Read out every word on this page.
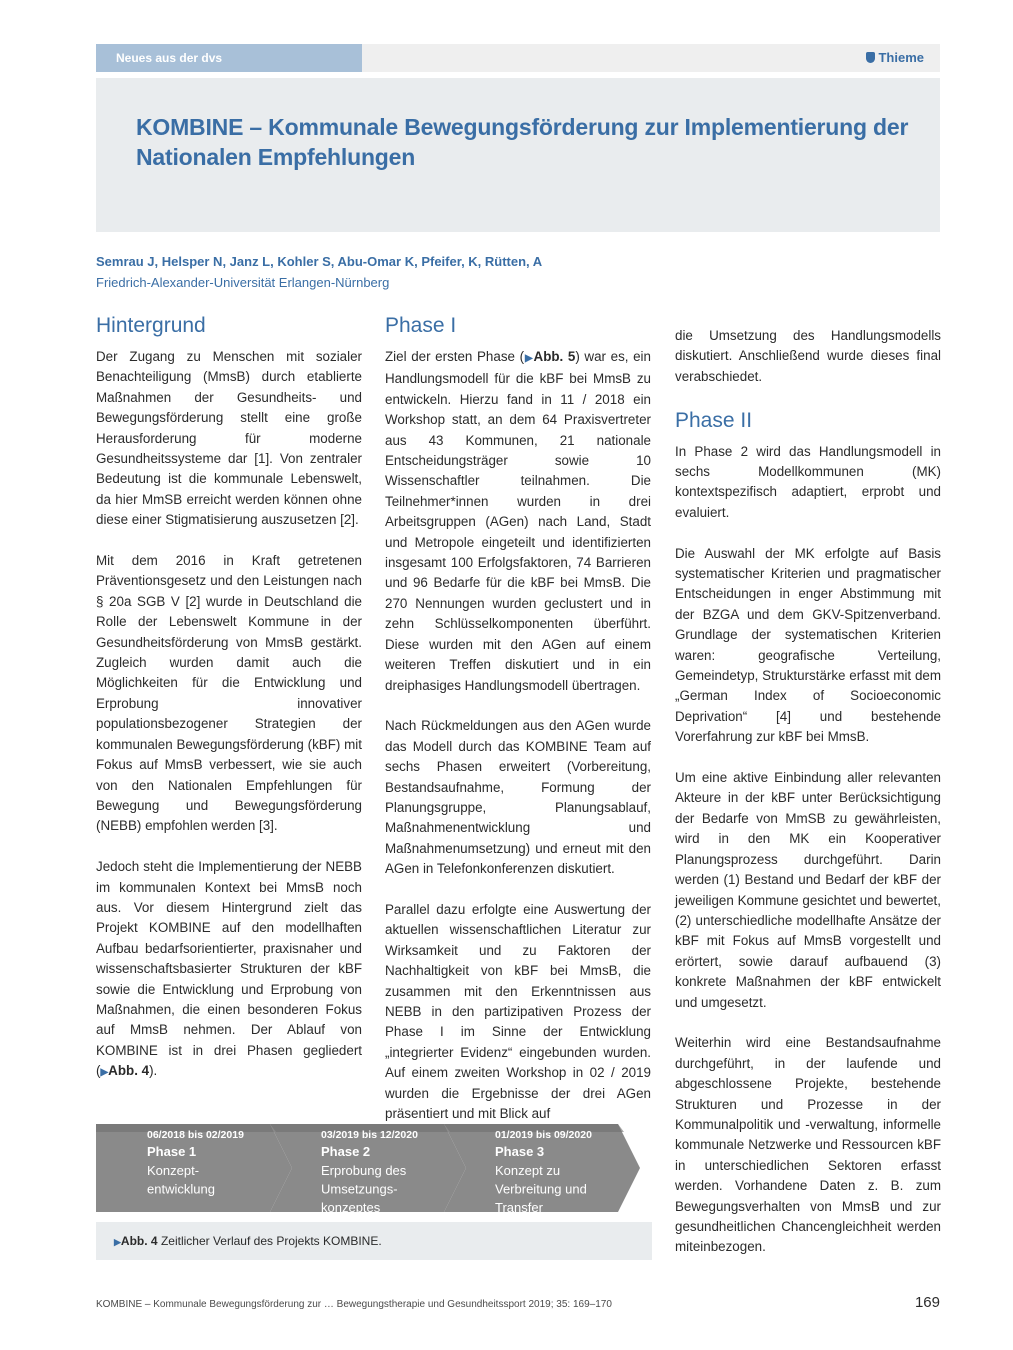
Neues aus der dvs	Thieme
KOMBINE – Kommunale Bewegungsförderung zur Implementierung der Nationalen Empfehlungen
Semrau J, Helsper N, Janz L, Kohler S, Abu-Omar K, Pfeifer, K, Rütten, A
Friedrich-Alexander-Universität Erlangen-Nürnberg
Hintergrund

Der Zugang zu Menschen mit sozialer Benachteiligung (MmsB) durch etablierte Maßnahmen der Gesundheits- und Bewegungsförderung stellt eine große Herausforderung für moderne Gesundheitssysteme dar [1]. Von zentraler Bedeutung ist die kommunale Lebenswelt, da hier MmSB erreicht werden können ohne diese einer Stigmatisierung auszusetzen [2].

Mit dem 2016 in Kraft getretenen Präventionsgesetz und den Leistungen nach § 20a SGB V [2] wurde in Deutschland die Rolle der Lebenswelt Kommune in der Gesundheitsförderung von MmsB gestärkt. Zugleich wurden damit auch die Möglichkeiten für die Entwicklung und Erprobung innovativer populationsbezogener Strategien der kommunalen Bewegungsförderung (kBF) mit Fokus auf MmsB verbessert, wie sie auch von den Nationalen Empfehlungen für Bewegung und Bewegungsförderung (NEBB) empfohlen werden [3].

Jedoch steht die Implementierung der NEBB im kommunalen Kontext bei MmsB noch aus. Vor diesem Hintergrund zielt das Projekt KOMBINE auf den modellhaften Aufbau bedarfsorientierter, praxisnaher und wissenschaftsbasierter Strukturen der kBF sowie die Entwicklung und Erprobung von Maßnahmen, die einen besonderen Fokus auf MmsB nehmen. Der Ablauf von KOMBINE ist in drei Phasen gegliedert (▶Abb. 4).

Phase I

Ziel der ersten Phase (▶Abb. 5) war es, ein Handlungsmodell für die kBF bei MmsB zu entwickeln. Hierzu fand in 11 / 2018 ein Workshop statt, an dem 64 Praxisvertreter aus 43 Kommunen, 21 nationale Entscheidungsträger sowie 10 Wissenschaftler teilnahmen. Die Teilnehmer*innen wurden in drei Arbeitsgruppen (AGen) nach Land, Stadt und Metropole eingeteilt und identifizierten insgesamt 100 Erfolgsfaktoren, 74 Barrieren und 96 Bedarfe für die kBF bei MmsB. Die 270 Nennungen wurden geclustert und in zehn Schlüsselkomponenten überführt. Diese wurden mit den AGen auf einem weiteren Treffen diskutiert und in ein dreiphasiges Handlungsmodell übertragen.

Nach Rückmeldungen aus den AGen wurde das Modell durch das KOMBINE Team auf sechs Phasen erweitert (Vorbereitung, Bestandsaufnahme, Formung der Planungsgruppe, Planungsablauf, Maßnahmenentwicklung und Maßnahmenumsetzung) und erneut mit den AGen in Telefonkonferenzen diskutiert.

Parallel dazu erfolgte eine Auswertung der aktuellen wissenschaftlichen Literatur zur Wirksamkeit und zu Faktoren der Nachhaltigkeit von kBF bei MmsB, die zusammen mit den Erkenntnissen aus NEBB in den partizipativen Prozess der Phase I im Sinne der Entwicklung „integrierter Evidenz“ eingebunden wurden. Auf einem zweiten Workshop in 02 / 2019 wurden die Ergebnisse der drei AGen präsentiert und mit Blick auf

die Umsetzung des Handlungsmodells diskutiert. Anschließend wurde dieses final verabschiedet.

Phase II

In Phase 2 wird das Handlungsmodell in sechs Modellkommunen (MK) kontextspezifisch adaptiert, erprobt und evaluiert.

Die Auswahl der MK erfolgte auf Basis systematischer Kriterien und pragmatischer Entscheidungen in enger Abstimmung mit der BZGA und dem GKV-Spitzenverband. Grundlage der systematischen Kriterien waren: geografische Verteilung, Gemeindetyp, Strukturstärke erfasst mit dem „German Index of Socioeconomic Deprivation“ [4] und bestehende Vorerfahrung zur kBF bei MmsB.

Um eine aktive Einbindung aller relevanten Akteure in der kBF unter Berücksichtigung der Bedarfe von MmSB zu gewährleisten, wird in den MK ein Kooperativer Planungsprozess durchgeführt. Darin werden (1) Bestand und Bedarf der kBF der jeweiligen Kommune gesichtet und bewertet, (2) unterschiedliche modellhafte Ansätze der kBF mit Fokus auf MmsB vorgestellt und erörtert, sowie darauf aufbauend (3) konkrete Maßnahmen der kBF entwickelt und umgesetzt.

Weiterhin wird eine Bestandsaufnahme durchgeführt, in der laufende und abgeschlossene Projekte, bestehende Strukturen und Prozesse in der Kommunalpolitik und -verwaltung, informelle kommunale Netzwerke und Ressourcen kBF in unterschiedlichen Sektoren erfasst werden. Vorhandene Daten z. B. zum Bewegungsverhalten von MmsB und zur gesundheitlichen Chancengleichheit werden miteinbezogen.

06/2018 bis 02/2019
Phase 1
Konzept-
entwicklung
03/2019 bis 12/2020
Phase 2
Erprobung des
Umsetzungs-
konzeptes
01/2019 bis 09/2020
Phase 3
Konzept zu
Verbreitung und
Transfer
▶Abb. 4 Zeitlicher Verlauf des Projekts KOMBINE.
KOMBINE – Kommunale Bewegungsförderung zur … Bewegungstherapie und Gesundheitssport 2019; 35: 169–170	169
